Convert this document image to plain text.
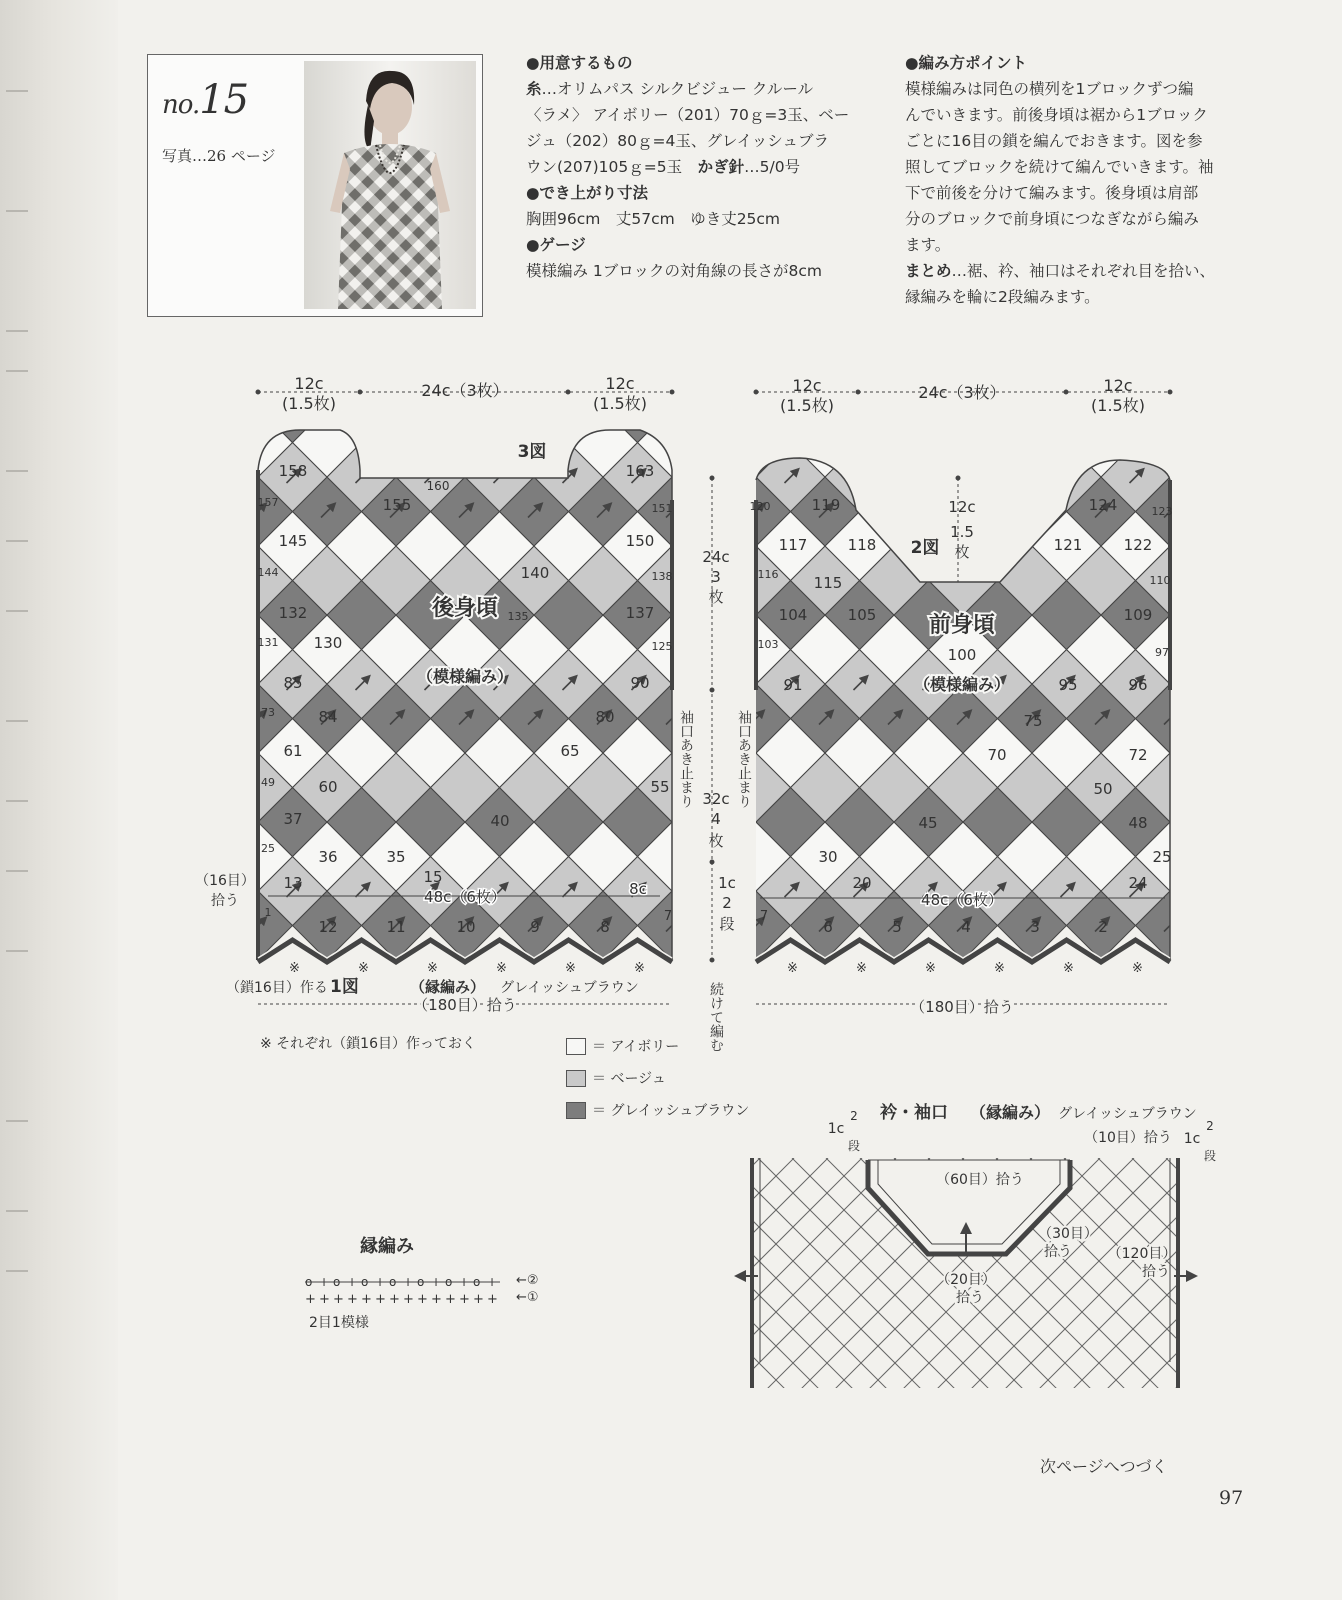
no.15
写真…26 ページ

●用意するもの

糸…オリムパス シルクビジュー クルール

〈ラメ〉 アイボリー（201）70ｇ=3玉、ベー

ジュ（202）80ｇ=4玉、グレイッシュブラ

ウン(207)105ｇ=5玉　 かぎ針…5/0号

●でき上がり寸法

胸囲96cm　丈57cm　ゆき丈25cm

●ゲージ

模様編み 1ブロックの対角線の長さが8cm

●編み方ポイント

模様編みは同色の横列を1ブロックずつ編

んでいきます。前後身頃は裾から1ブロック

ごとに16目の鎖を編んでおきます。図を参

照してブロックを続けて編んでいきます。袖

下で前後を分けて編みます。後身頃は肩部

分のブロックで前身頃につなぎながら編み

ます。

まとめ…裾、衿、袖口はそれぞれ目を拾い、

縁編みを輪に2段編みます。

※	※	※	※	※	※	※	※	※	※	※	※
12c
(1.5枚)
24c（3枚）	12c
(1.5枚)
12c
(1.5枚)
24c（3枚）	12c
(1.5枚)
3図
後身頃
（模様編み）
前身頃
（模様編み）
2図
12c
1.5
枚
24c
3
枚
32c
4
枚
1c
2
段
袖口あき止まり	袖口あき止まり
続けて編む
48c（6枚）	48c（6枚）
8c
（16目）
拾う
（鎖16目）作る 1図	（縁編み） グレイッシュブラウン
（180目）拾う	（180目）拾う
158	163
157	155
160
151
145	150
144	140	138
132	135	137
131 130	125
85	90
73	84	80
61	65
49	60	55
37	40
25	36	35
13	15
1
12	11	10	9	8
7
120	119	124	123
117	118	121	122
116 115	110
104	105	109
103
100	97
91	95	96
75
70	72
50
45	48
30	25
20	24
6	5	4	3	2
7
1c
2
段	1c
2
段
（10目）拾う
（60目）拾う
（30目）
拾う	（120目）
拾う
（20目）
拾う
衿・袖口 （縁編み） グレイッシュブラウン
o
+
+
+
o
+
+
+
o
+
+
+
o
+
+
+
o
+
+
+
o
+
+
+
o
+
+
+
←②
←①
＝ アイボリー
＝ ベージュ
＝ グレイッシュブラウン
※ それぞれ（鎖16目）作っておく
縁編み
2目1模様
次ページへつづく
97
